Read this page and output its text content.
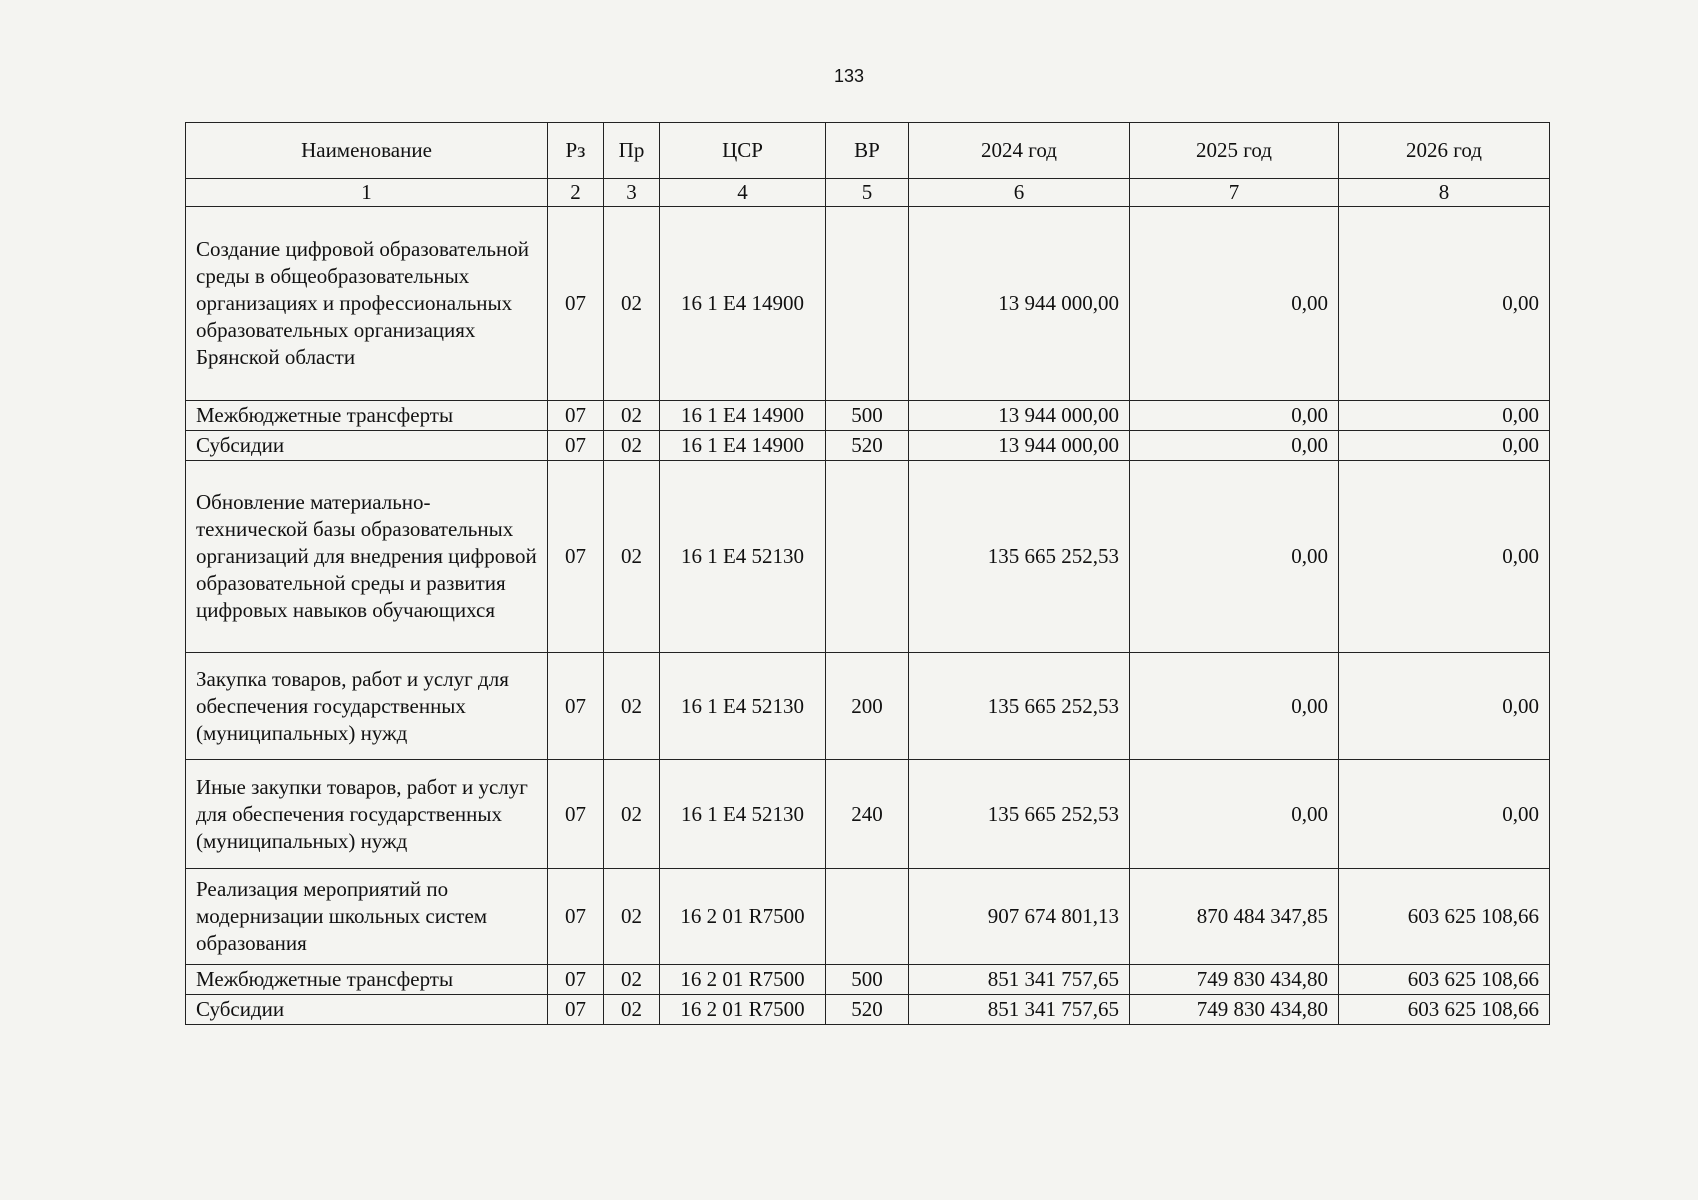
133
Наименование	Рз	Пр	ЦСР	ВР	2024 год	2025 год	2026 год
1	2	3	4	5	6	7	8
Создание цифровой образовательной среды в общеобразовательных организациях и профессиональных образовательных организациях Брянской области	07	02	16 1 E4 14900		13 944 000,00	0,00	0,00
Межбюджетные трансферты	07	02	16 1 E4 14900	500	13 944 000,00	0,00	0,00
Субсидии	07	02	16 1 E4 14900	520	13 944 000,00	0,00	0,00
Обновление материально-технической базы образовательных организаций для внедрения цифровой образовательной среды и развития цифровых навыков обучающихся	07	02	16 1 E4 52130		135 665 252,53	0,00	0,00
Закупка товаров, работ и услуг для обеспечения государственных (муниципальных) нужд	07	02	16 1 E4 52130	200	135 665 252,53	0,00	0,00
Иные закупки товаров, работ и услуг для обеспечения государственных (муниципальных) нужд	07	02	16 1 E4 52130	240	135 665 252,53	0,00	0,00
Реализация мероприятий по модернизации школьных систем образования	07	02	16 2 01 R7500		907 674 801,13	870 484 347,85	603 625 108,66
Межбюджетные трансферты	07	02	16 2 01 R7500	500	851 341 757,65	749 830 434,80	603 625 108,66
Субсидии	07	02	16 2 01 R7500	520	851 341 757,65	749 830 434,80	603 625 108,66
